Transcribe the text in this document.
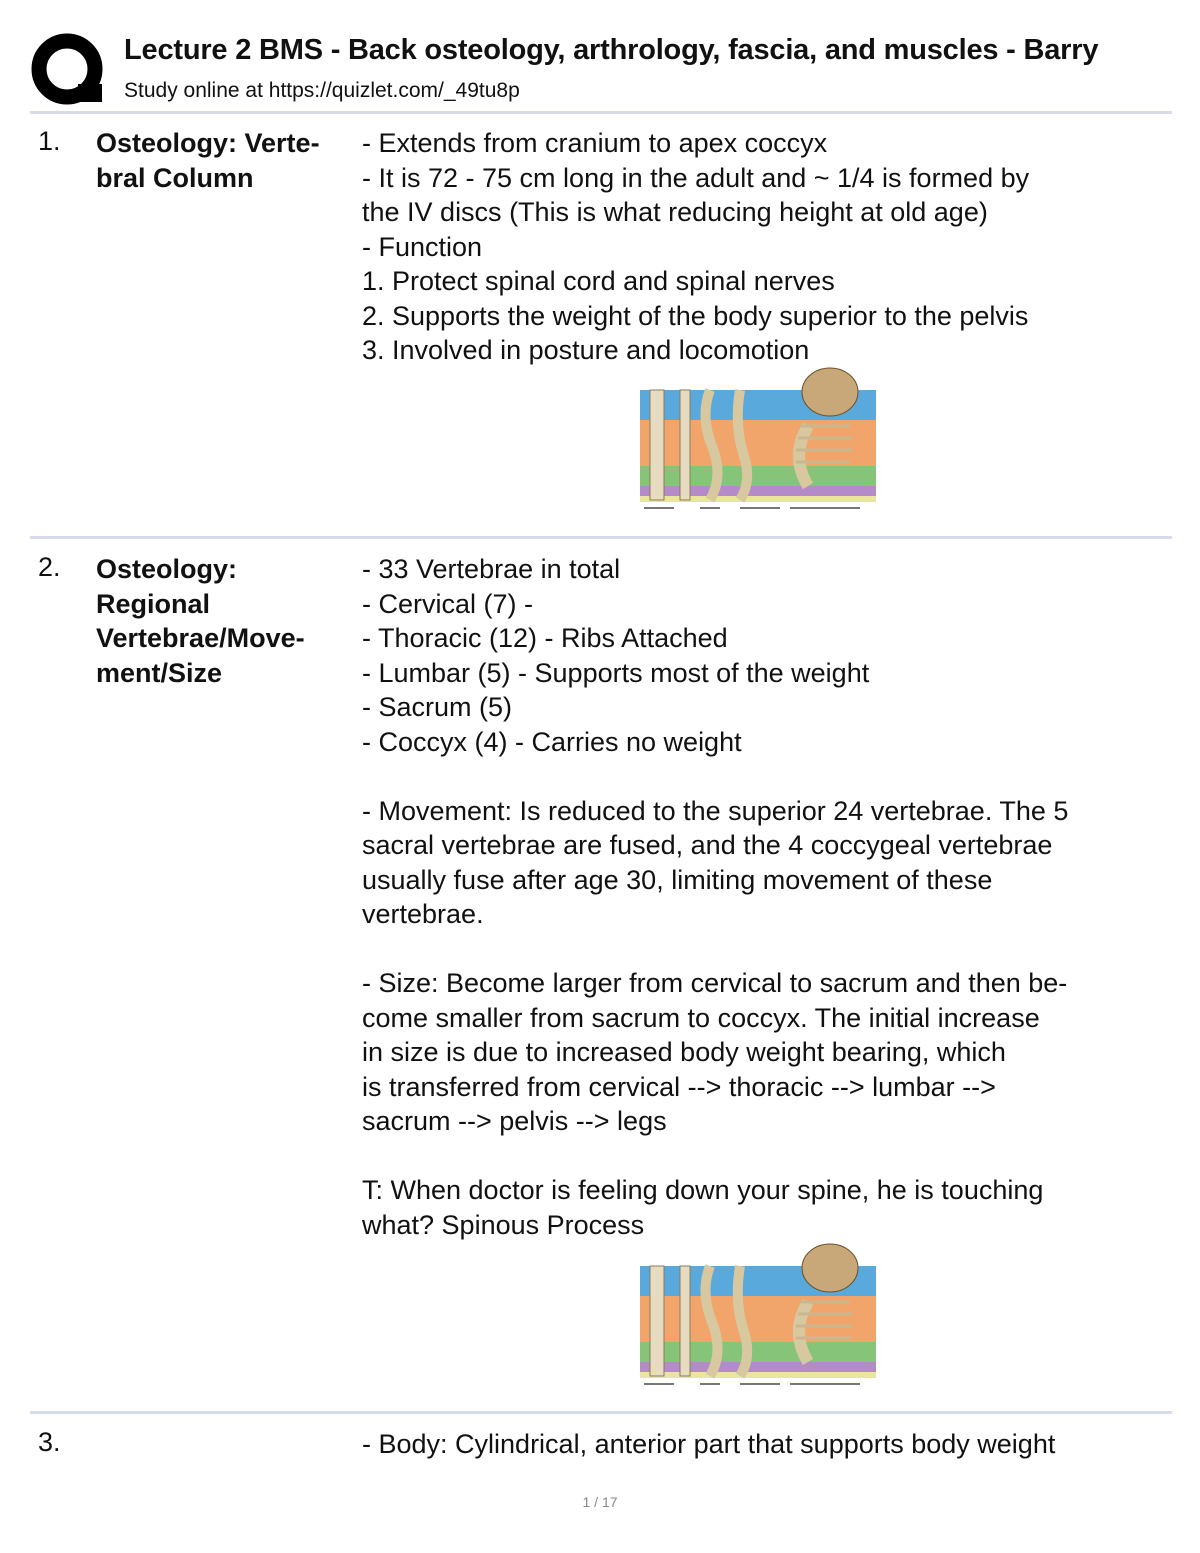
Lecture 2 BMS - Back osteology, arthrology, fascia, and muscles - Barry
Study online at https://quizlet.com/_49tu8p
1. Osteology: Verte-
bral Column
- Extends from cranium to apex coccyx
- It is 72 - 75 cm long in the adult and ~ 1/4 is formed by
the IV discs (This is what reducing height at old age)
- Function
1. Protect spinal cord and spinal nerves
2. Supports the weight of the body superior to the pelvis
3. Involved in posture and locomotion
2. Osteology:
Regional
Vertebrae/Move-
ment/Size
- 33 Vertebrae in total
- Cervical (7) -
- Thoracic (12) - Ribs Attached
- Lumbar (5) - Supports most of the weight
- Sacrum (5)
- Coccyx (4) - Carries no weight
- Movement: Is reduced to the superior 24 vertebrae. The 5
sacral vertebrae are fused, and the 4 coccygeal vertebrae
usually fuse after age 30, limiting movement of these
vertebrae.
- Size: Become larger from cervical to sacrum and then be-
come smaller from sacrum to coccyx. The initial increase
in size is due to increased body weight bearing, which
is transferred from cervical --> thoracic --> lumbar -->
sacrum --> pelvis --> legs
T: When doctor is feeling down your spine, he is touching
what? Spinous Process
3.	- Body: Cylindrical, anterior part that supports body weight
1 / 17
